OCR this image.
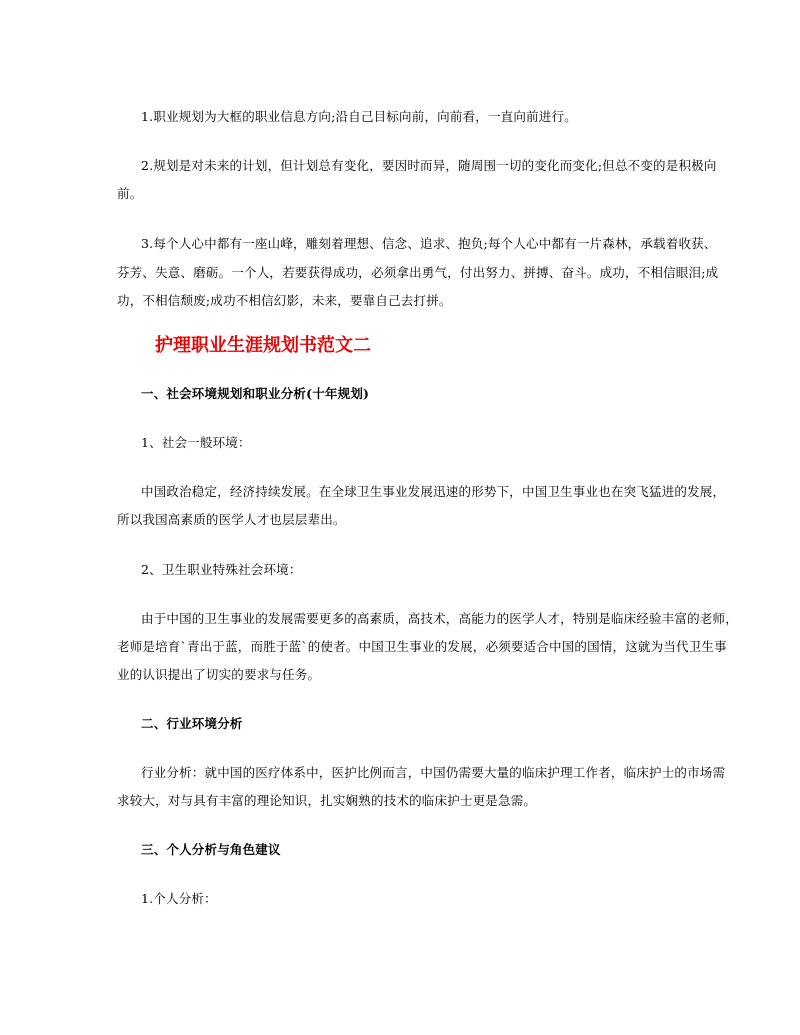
1.职业规划为大框的职业信息方向;沿自己目标向前，向前看，一直向前进行。
2.规划是对未来的计划，但计划总有变化，要因时而异，随周围一切的变化而变化;但总不变的是积极向
前。
3.每个人心中都有一座山峰，雕刻着理想、信念、追求、抱负;每个人心中都有一片森林，承载着收获、
芬芳、失意、磨砺。一个人，若要获得成功，必须拿出勇气，付出努力、拼搏、奋斗。成功，不相信眼泪;成
功，不相信颓废;成功不相信幻影，未来，要靠自己去打拼。
护理职业生涯规划书范文二
一、社会环境规划和职业分析(十年规划)
1、社会一般环境：
中国政治稳定，经济持续发展。在全球卫生事业发展迅速的形势下，中国卫生事业也在突飞猛进的发展，
所以我国高素质的医学人才也层层辈出。
2、卫生职业特殊社会环境：
由于中国的卫生事业的发展需要更多的高素质，高技术，高能力的医学人才，特别是临床经验丰富的老师，
老师是培育`青出于蓝，而胜于蓝`的使者。中国卫生事业的发展，必须要适合中国的国情，这就为当代卫生事
业的认识提出了切实的要求与任务。
二、行业环境分析
行业分析：就中国的医疗体系中，医护比例而言，中国仍需要大量的临床护理工作者，临床护士的市场需
求较大，对与具有丰富的理论知识，扎实娴熟的技术的临床护士更是急需。
三、个人分析与角色建议
1.个人分析：
